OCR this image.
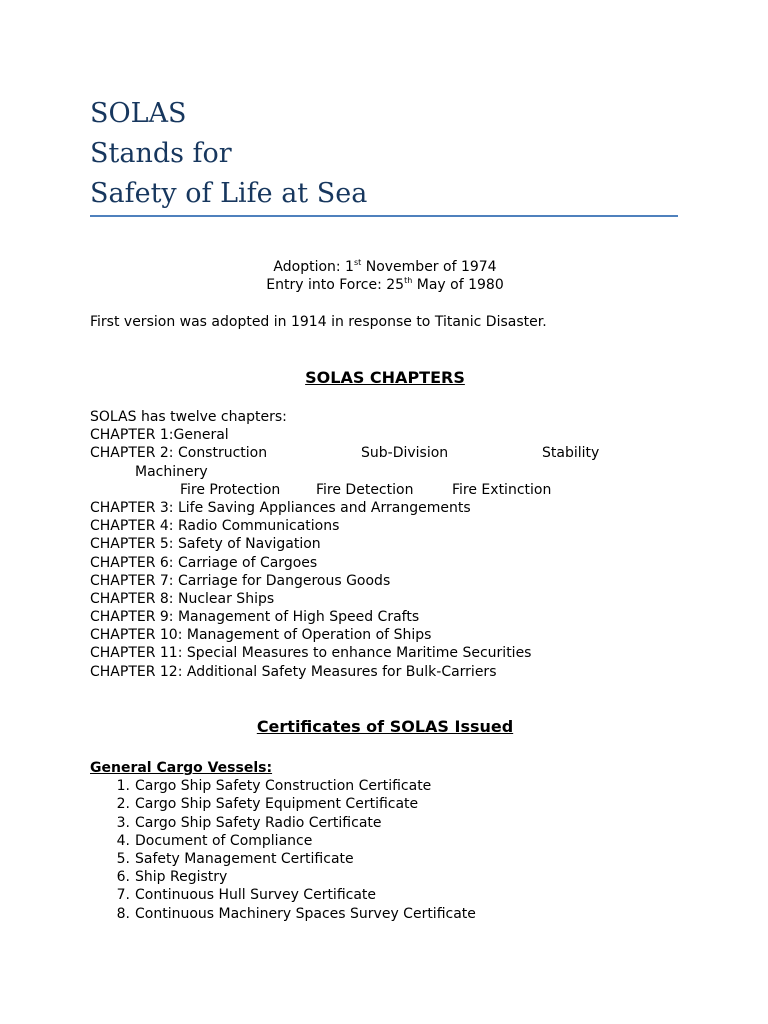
SOLAS
Stands for
Safety of Life at Sea
Adoption: 1st November of 1974
Entry into Force: 25th May of 1980
First version was adopted in 1914 in response to Titanic Disaster.
SOLAS CHAPTERS
SOLAS has twelve chapters:
CHAPTER 1:General
CHAPTER 2: Construction	Sub-Division	Stability
Machinery
Fire Protection	Fire Detection	Fire Extinction
CHAPTER 3: Life Saving Appliances and Arrangements
CHAPTER 4: Radio Communications
CHAPTER 5: Safety of Navigation
CHAPTER 6: Carriage of Cargoes
CHAPTER 7: Carriage for Dangerous Goods
CHAPTER 8: Nuclear Ships
CHAPTER 9: Management of High Speed Crafts
CHAPTER 10: Management of Operation of Ships
CHAPTER 11: Special Measures to enhance Maritime Securities
CHAPTER 12: Additional Safety Measures for Bulk-Carriers
Certificates of SOLAS Issued
General Cargo Vessels:
1. Cargo Ship Safety Construction Certificate
2. Cargo Ship Safety Equipment Certificate
3. Cargo Ship Safety Radio Certificate
4. Document of Compliance
5. Safety Management Certificate
6. Ship Registry
7. Continuous Hull Survey Certificate
8. Continuous Machinery Spaces Survey Certificate
